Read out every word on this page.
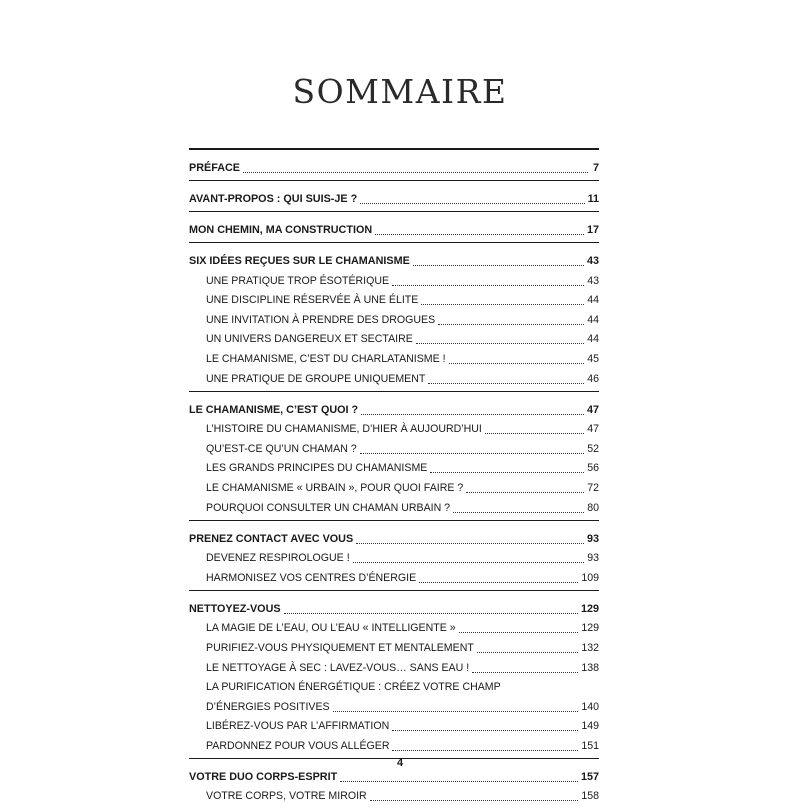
SOMMAIRE
PRÉFACE	7
AVANT-PROPOS : QUI SUIS-JE ?	11
MON CHEMIN, MA CONSTRUCTION	17
SIX IDÉES REÇUES SUR LE CHAMANISME	43
UNE PRATIQUE TROP ÉSOTÉRIQUE	43
UNE DISCIPLINE RÉSERVÉE À UNE ÉLITE	44
UNE INVITATION À PRENDRE DES DROGUES	44
UN UNIVERS DANGEREUX ET SECTAIRE	44
LE CHAMANISME, C’EST DU CHARLATANISME !	45
UNE PRATIQUE DE GROUPE UNIQUEMENT	46
LE CHAMANISME, C’EST QUOI ?	47
L’HISTOIRE DU CHAMANISME, D’HIER À AUJOURD’HUI	47
QU’EST-CE QU’UN CHAMAN ?	52
LES GRANDS PRINCIPES DU CHAMANISME	56
LE CHAMANISME « URBAIN », POUR QUOI FAIRE ?	72
POURQUOI CONSULTER UN CHAMAN URBAIN ?	80
PRENEZ CONTACT AVEC VOUS	93
DEVENEZ RESPIROLOGUE !	93
HARMONISEZ VOS CENTRES D’ÉNERGIE	109
NETTOYEZ-VOUS	129
LA MAGIE DE L’EAU, OU L’EAU « INTELLIGENTE »	129
PURIFIEZ-VOUS PHYSIQUEMENT ET MENTALEMENT	132
LE NETTOYAGE À SEC : LAVEZ-VOUS… SANS EAU !	138
LA PURIFICATION ÉNERGÉTIQUE : CRÉEZ VOTRE CHAMP
D’ÉNERGIES POSITIVES	140
LIBÉREZ-VOUS PAR L’AFFIRMATION	149
PARDONNEZ POUR VOUS ALLÉGER	151
VOTRE DUO CORPS-ESPRIT	157
VOTRE CORPS, VOTRE MIROIR	158
4
